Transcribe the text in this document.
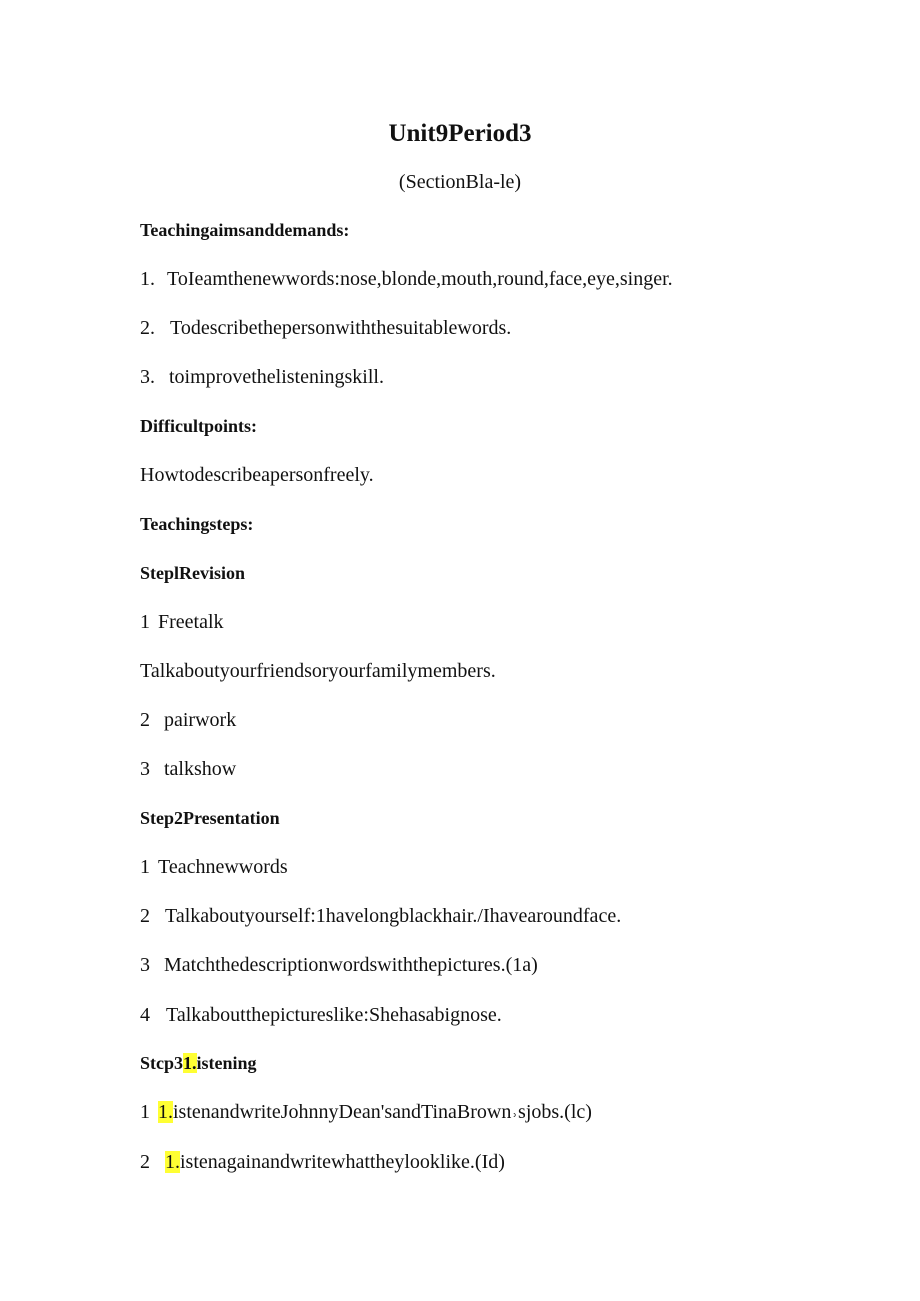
Unit9Period3
(SectionBla-le)
Teachingaimsanddemands:
1. ToIeamthenewwords:nose,blonde,mouth,round,face,eye,singer.
2. Todescribethepersonwiththesuitablewords.
3. toimprovethelisteningskill.
Difficultpoints:
Howtodescribeapersonfreely.
Teachingsteps:
SteplRevision
1 Freetalk
Talkaboutyourfriendsoryourfamilymembers.
2 pairwork
3 talkshow
Step2Presentation
1 Teachnewwords
2 Talkaboutyourself:1havelongblackhair./Ihavearoundface.
3 Matchthedescriptionwordswiththepictures.(1a)
4 Talkaboutthepictureslike:Shehasabignose.
Stcp31.istening
1 1.istenandwriteJohnnyDean'sandTinaBrown˒sjobs.(lc)
2 1.istenagainandwritewhattheylooklike.(Id)
